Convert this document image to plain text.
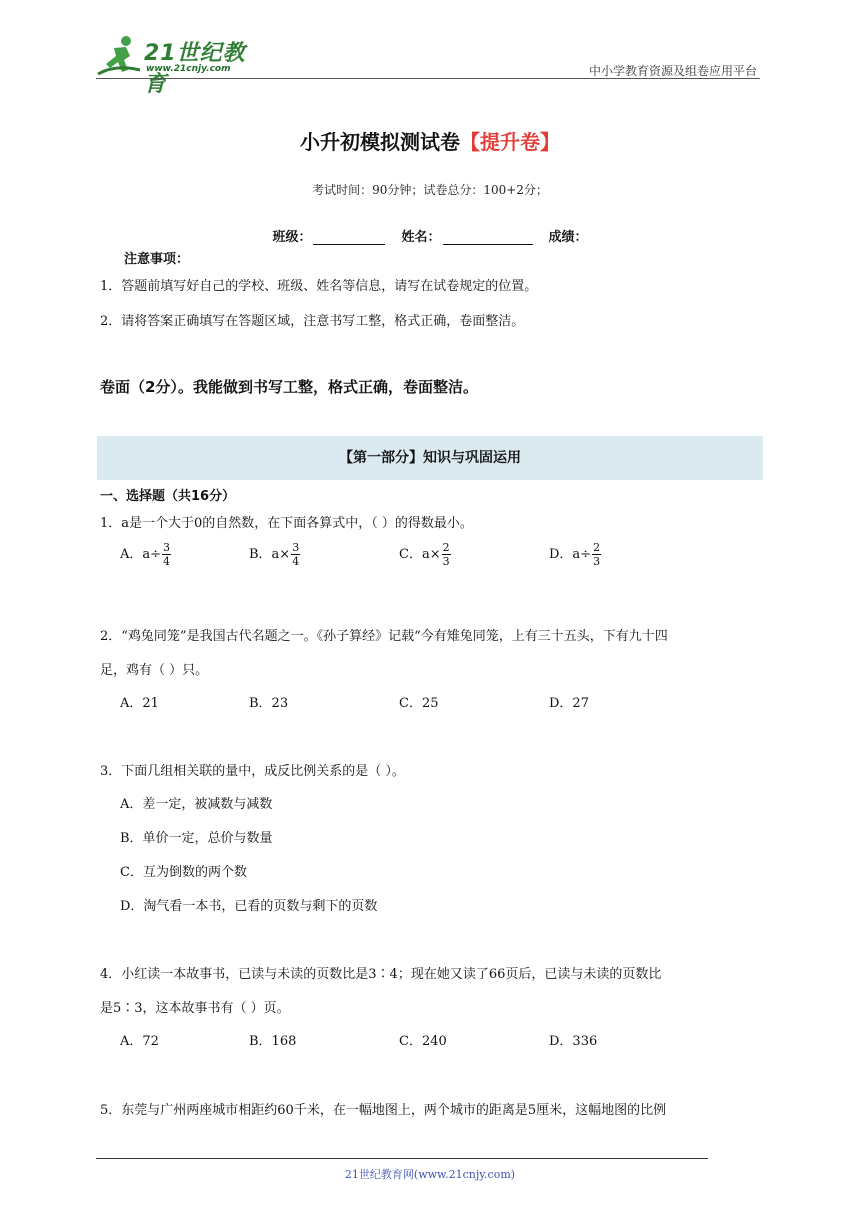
21世纪教育
www.21cnjy.com	中小学教育资源及组卷应用平台
小升初模拟测试卷【提升卷】
考试时间：90分钟；试卷总分：100+2分；
班级：	姓名：	成绩：
注意事项：
1．答题前填写好自己的学校、班级、姓名等信息，请写在试卷规定的位置。
2．请将答案正确填写在答题区域，注意书写工整，格式正确，卷面整洁。
卷面（2分）。我能做到书写工整，格式正确，卷面整洁。
【第一部分】知识与巩固运用
一、选择题（共16分）
1．a是一个大于0的自然数，在下面各算式中，（ ）的得数最小。
A．$a\div \frac{3}{4}$	B．$a\times \frac{3}{4}$	C．$a\times \frac{2}{3}$	D．$a\div \frac{2}{3}$
2．“鸡兔同笼”是我国古代名题之一。《孙子算经》记载“今有雉兔同笼，上有三十五头，下有九十四
足，鸡有（ ）只。
A．21	B．23	C．25	D．27
3．下面几组相关联的量中，成反比例关系的是（ ）。
A．差一定，被减数与减数
B．单价一定，总价与数量
C．互为倒数的两个数
D．淘气看一本书，已看的页数与剩下的页数
4．小红读一本故事书，已读与未读的页数比是3∶4；现在她又读了66页后，已读与未读的页数比
是5∶3，这本故事书有（ ）页。
A．72	B．168	C．240	D．336
5．东莞与广州两座城市相距约60千米，在一幅地图上，两个城市的距离是5厘米，这幅地图的比例
21世纪教育网(www.21cnjy.com)
